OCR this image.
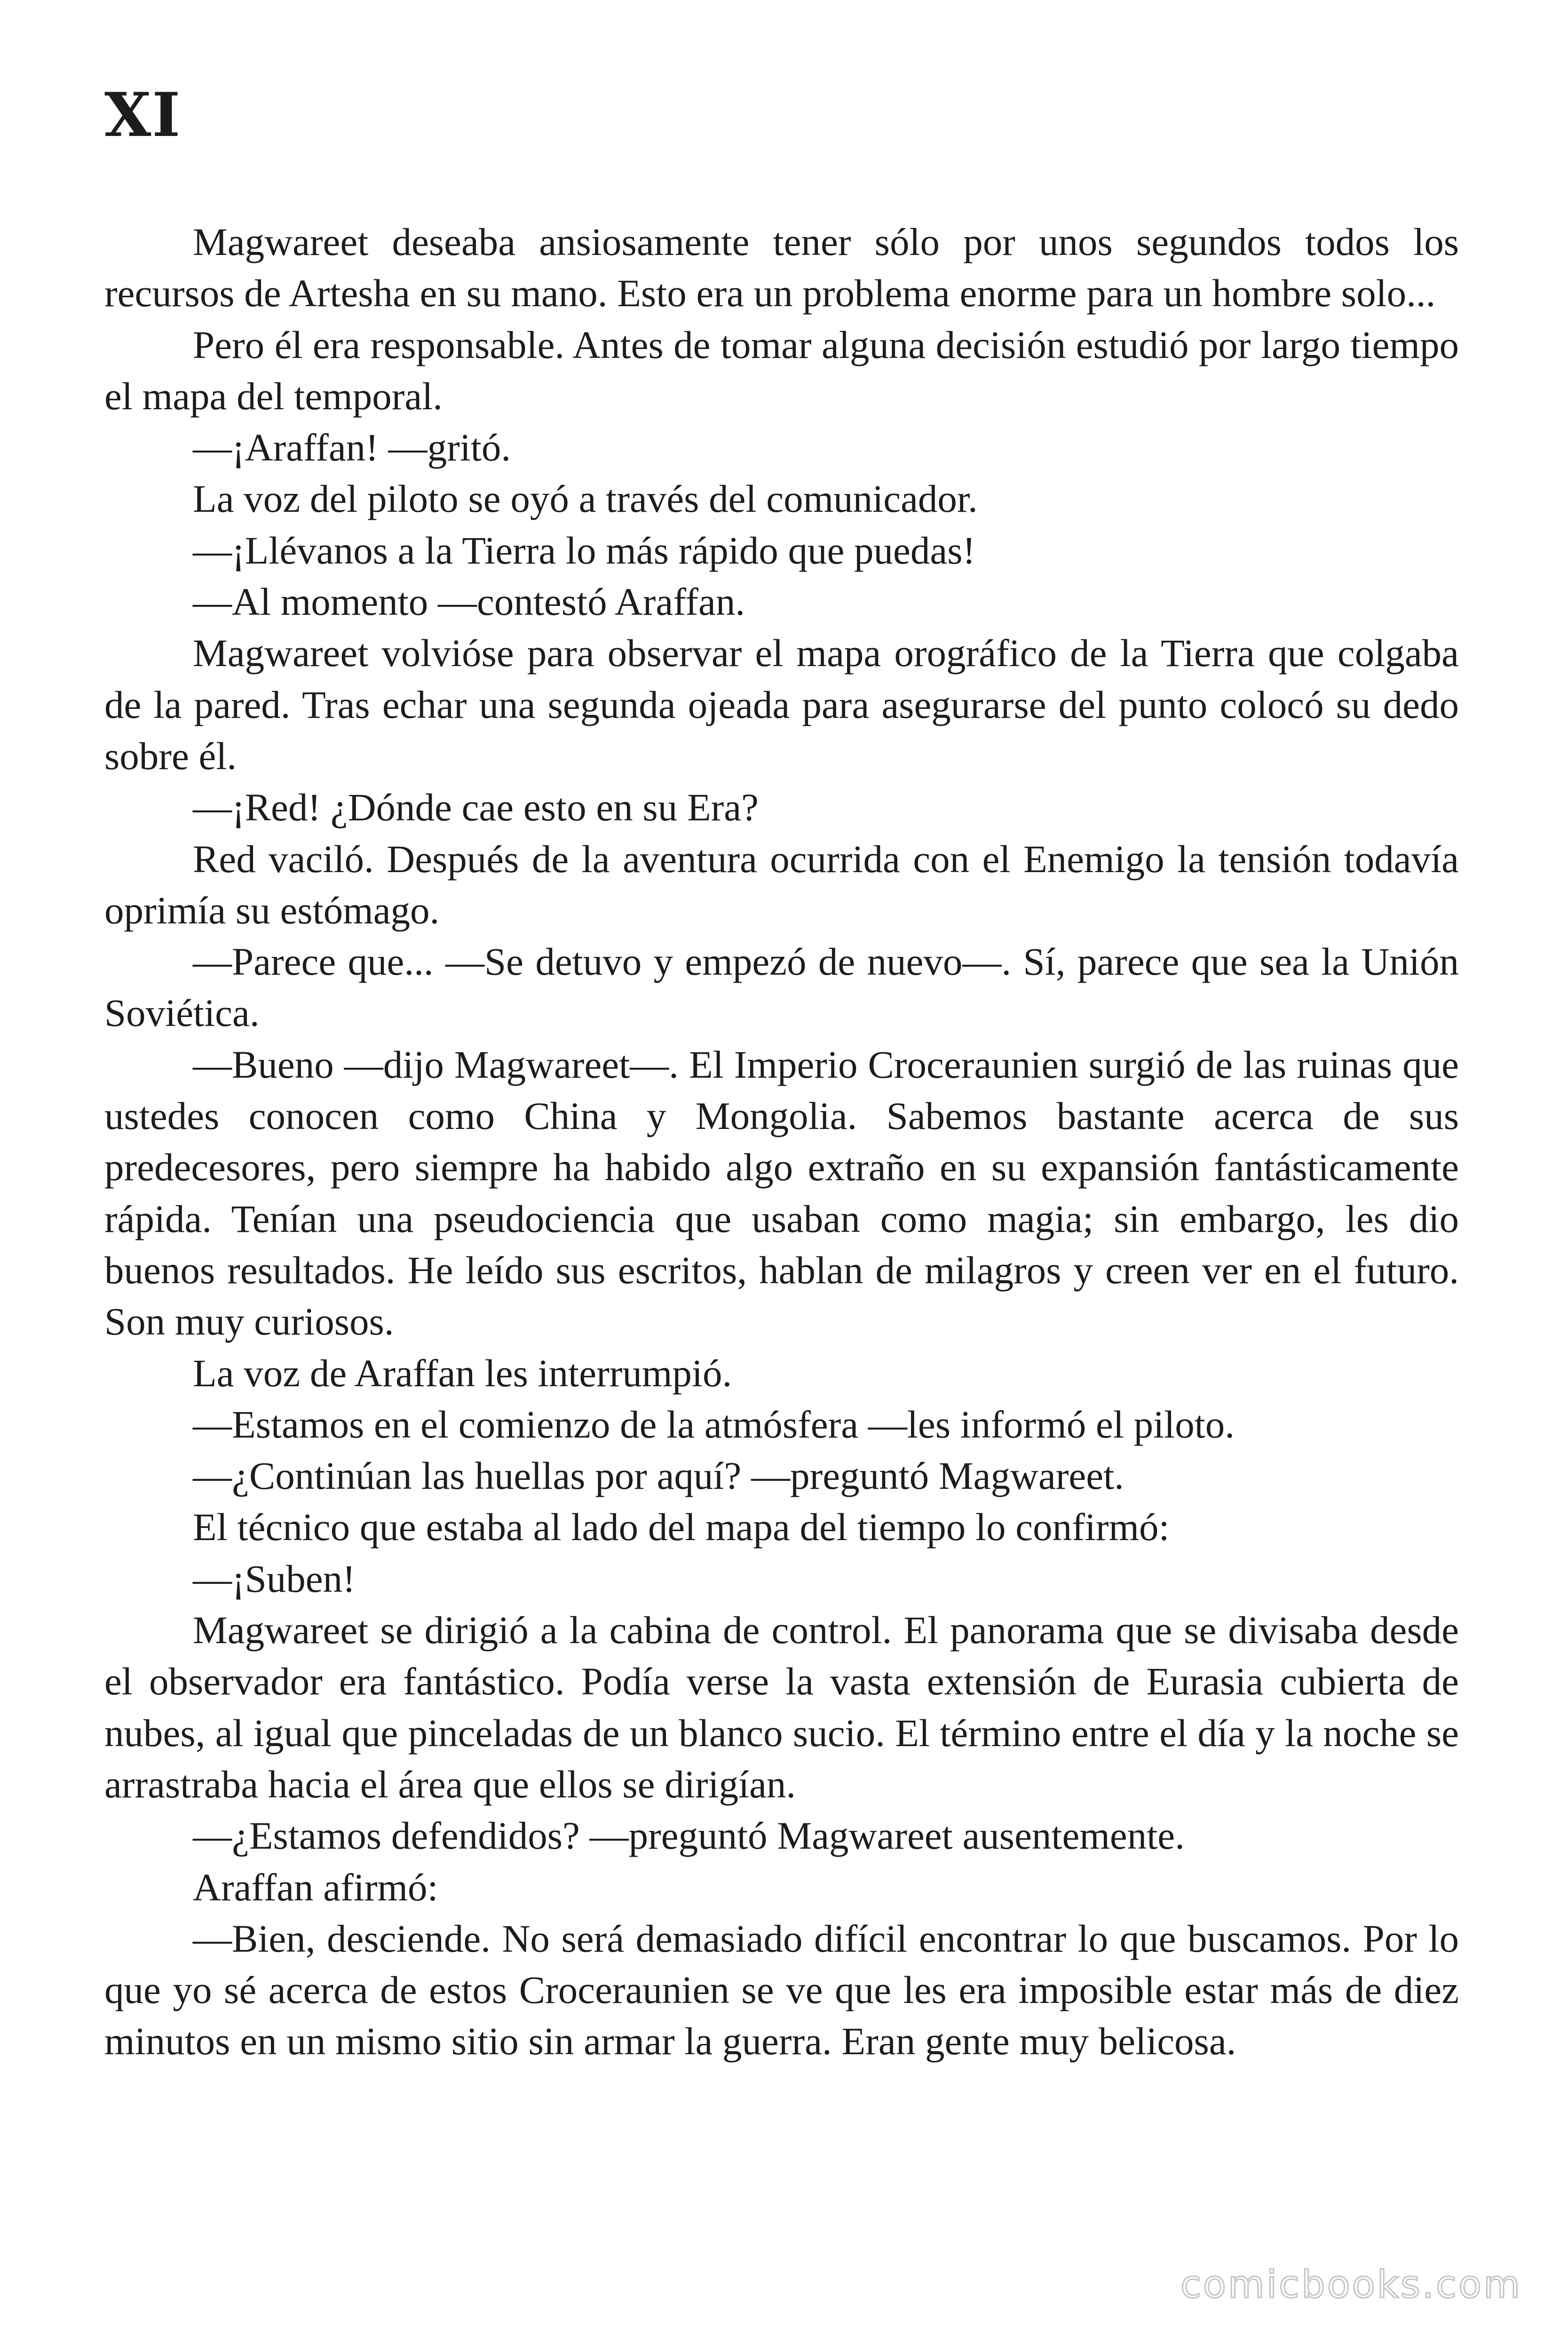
XI

Magwareet deseaba ansiosamente tener sólo por unos segundos todos los recursos de Artesha en su mano. Esto era un problema enorme para un hombre solo...

Pero él era responsable. Antes de tomar alguna decisión estudió por largo tiempo el mapa del temporal.

—¡Araffan! —gritó.

La voz del piloto se oyó a través del comunicador.

—¡Llévanos a la Tierra lo más rápido que puedas!

—Al momento —contestó Araffan.

Magwareet volvióse para observar el mapa orográfico de la Tierra que colgaba de la pared. Tras echar una segunda ojeada para asegurarse del punto colocó su dedo sobre él.

—¡Red! ¿Dónde cae esto en su Era?

Red vaciló. Después de la aventura ocurrida con el Enemigo la tensión todavía oprimía su estómago.

—Parece que... —Se detuvo y empezó de nuevo—. Sí, parece que sea la Unión Soviética.

—Bueno —dijo Magwareet—. El Imperio Croceraunien surgió de las ruinas que ustedes conocen como China y Mongolia. Sabemos bastante acerca de sus predecesores, pero siempre ha habido algo extraño en su expansión fantásticamente rápida. Tenían una pseudociencia que usaban como magia; sin embargo, les dio buenos resultados. He leído sus escritos, hablan de milagros y creen ver en el futuro. Son muy curiosos.

La voz de Araffan les interrumpió.

—Estamos en el comienzo de la atmósfera —les informó el piloto.

—¿Continúan las huellas por aquí? —preguntó Magwareet.

El técnico que estaba al lado del mapa del tiempo lo confirmó:

—¡Suben!

Magwareet se dirigió a la cabina de control. El panorama que se divisaba desde el observador era fantástico. Podía verse la vasta extensión de Eurasia cubierta de nubes, al igual que pinceladas de un blanco sucio. El término entre el día y la noche se arrastraba hacia el área que ellos se dirigían.

—¿Estamos defendidos? —preguntó Magwareet ausentemente.

Araffan afirmó:

—Bien, desciende. No será demasiado difícil encontrar lo que buscamos. Por lo que yo sé acerca de estos Croceraunien se ve que les era imposible estar más de diez minutos en un mismo sitio sin armar la guerra. Eran gente muy belicosa.

comicbooks.com
